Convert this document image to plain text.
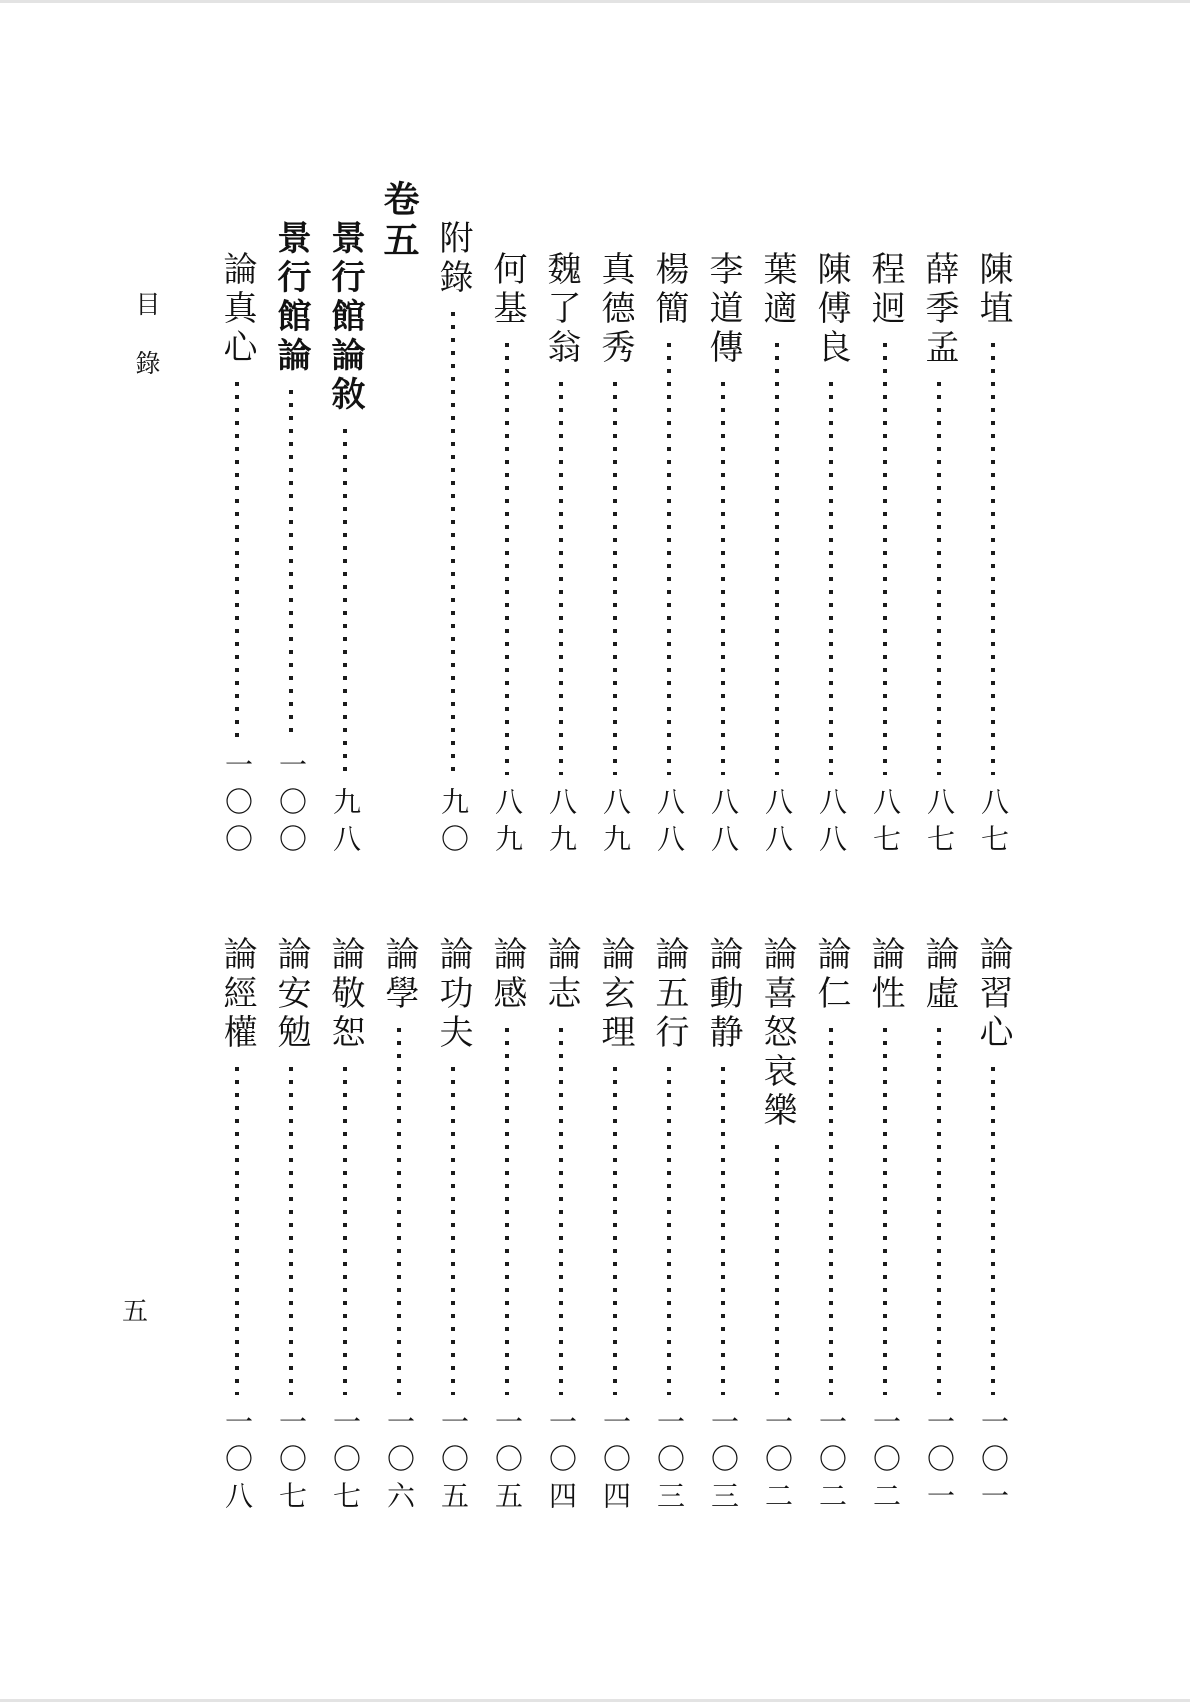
目錄
五
陳埴
八七
薛季孟
八七
程迥
八七
陳傅良
八八
葉適
八八
李道傳
八八
楊簡
八八
真德秀
八九
魏了翁
八九
何基
八九
附錄
九〇
卷五
景行館論敘
九八
景行館論
一〇〇
論真心
一〇〇
論習心
一〇一
論虛
一〇一
論性
一〇二
論仁
一〇二
論喜怒哀樂
一〇二
論動静
一〇三
論五行
一〇三
論玄理
一〇四
論志
一〇四
論感
一〇五
論功夫
一〇五
論學
一〇六
論敬恕
一〇七
論安勉
一〇七
論經權
一〇八
